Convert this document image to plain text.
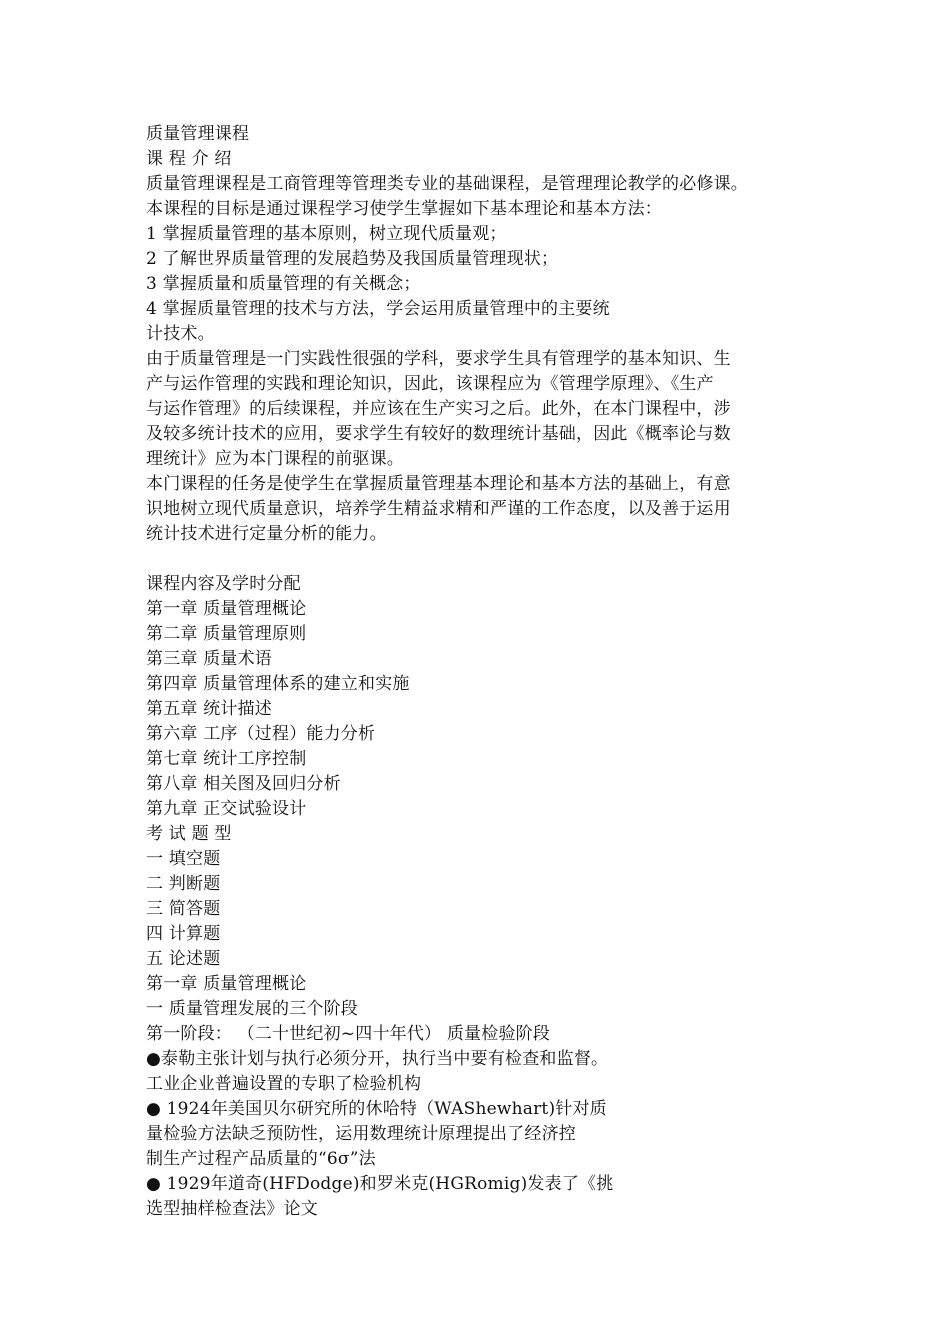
质量管理课程
课 程 介 绍
质量管理课程是工商管理等管理类专业的基础课程，是管理理论教学的必修课。
本课程的目标是通过课程学习使学生掌握如下基本理论和基本方法：
1 掌握质量管理的基本原则，树立现代质量观；
2 了解世界质量管理的发展趋势及我国质量管理现状；
3 掌握质量和质量管理的有关概念；
4 掌握质量管理的技术与方法，学会运用质量管理中的主要统
计技术。
由于质量管理是一门实践性很强的学科，要求学生具有管理学的基本知识、生
产与运作管理的实践和理论知识，因此，该课程应为《管理学原理》、《生产
与运作管理》的后续课程，并应该在生产实习之后。此外，在本门课程中，涉
及较多统计技术的应用，要求学生有较好的数理统计基础，因此《概率论与数
理统计》应为本门课程的前驱课。
本门课程的任务是使学生在掌握质量管理基本理论和基本方法的基础上，有意
识地树立现代质量意识，培养学生精益求精和严谨的工作态度，以及善于运用
统计技术进行定量分析的能力。
课程内容及学时分配
第一章 质量管理概论
第二章 质量管理原则
第三章 质量术语
第四章 质量管理体系的建立和实施
第五章 统计描述
第六章 工序（过程）能力分析
第七章 统计工序控制
第八章 相关图及回归分析
第九章 正交试验设计
考 试 题 型
一 填空题
二 判断题
三 简答题
四 计算题
五 论述题
第一章 质量管理概论
一 质量管理发展的三个阶段
第一阶段： （二十世纪初~四十年代） 质量检验阶段
●泰勒主张计划与执行必须分开，执行当中要有检查和监督。
工业企业普遍设置的专职了检验机构
● 1924年美国贝尔研究所的休哈特（WAShewhart)针对质
量检验方法缺乏预防性，运用数理统计原理提出了经济控
制生产过程产品质量的“6σ”法
● 1929年道奇(HFDodge)和罗米克(HGRomig)发表了《挑
选型抽样检查法》论文
